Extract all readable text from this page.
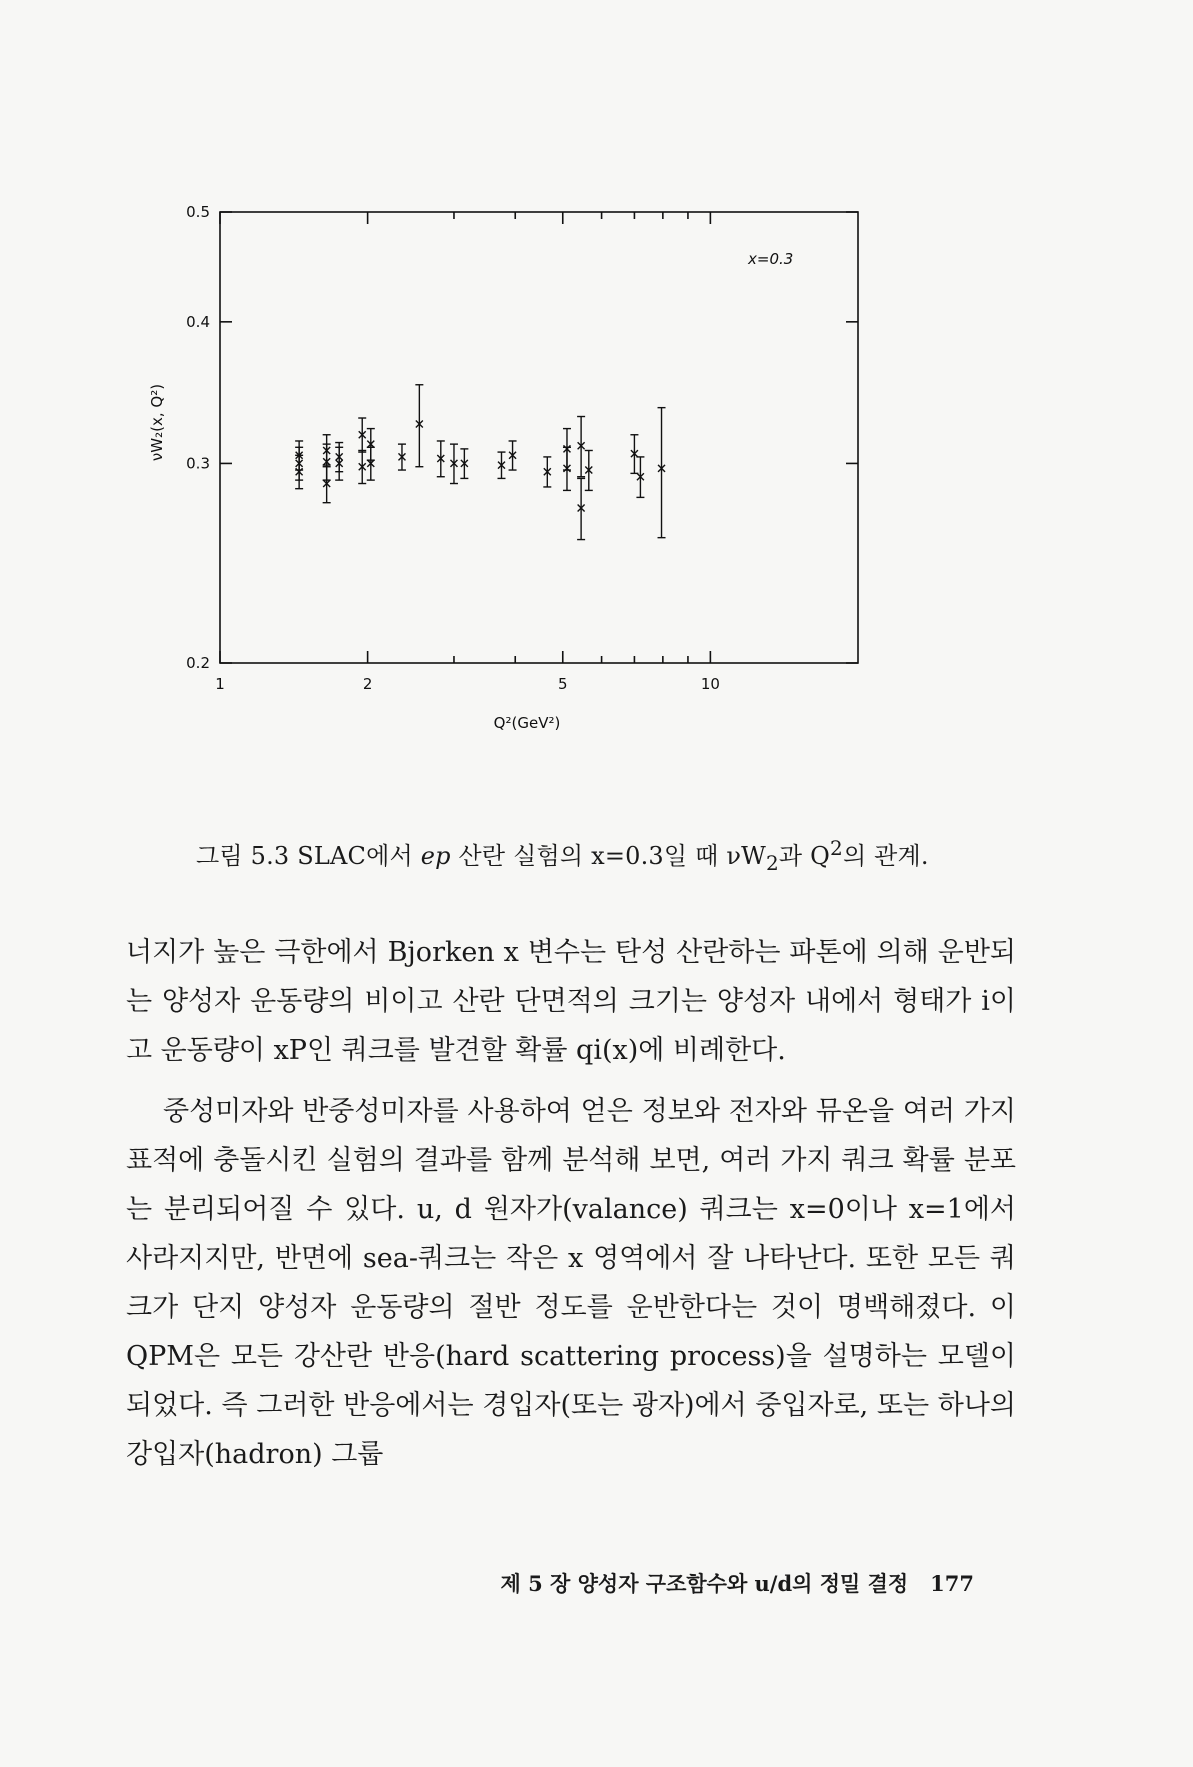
1	2	5	10
0.5
0.4
0.3
0.2
Q²(GeV²)
νW₂(x, Q²)
x=0.3
그림 5.3 SLAC에서 ep 산란 실험의 x=0.3일 때 $\nu W_2$과 $Q^2$의 관계.

너지가 높은 극한에서 Bjorken x 변수는 탄성 산란하는 파톤에 의해 운반되는 양성자 운동량의 비이고 산란 단면적의 크기는 양성자 내에서 형태가 i이고 운동량이 xP인 쿼크를 발견할 확률 qi(x)에 비례한다.

중성미자와 반중성미자를 사용하여 얻은 정보와 전자와 뮤온을 여러 가지 표적에 충돌시킨 실험의 결과를 함께 분석해 보면, 여러 가지 쿼크 확률 분포는 분리되어질 수 있다. u, d 원자가(valance) 쿼크는 x=0이나 x=1에서 사라지지만, 반면에 sea-쿼크는 작은 x 영역에서 잘 나타난다. 또한 모든 쿼크가 단지 양성자 운동량의 절반 정도를 운반한다는 것이 명백해졌다. 이 QPM은 모든 강산란 반응(hard scattering process)을 설명하는 모델이 되었다. 즉 그러한 반응에서는 경입자(또는 광자)에서 중입자로, 또는 하나의 강입자(hadron) 그룹

제 5 장 양성자 구조함수와 u/d의 정밀 결정 177
